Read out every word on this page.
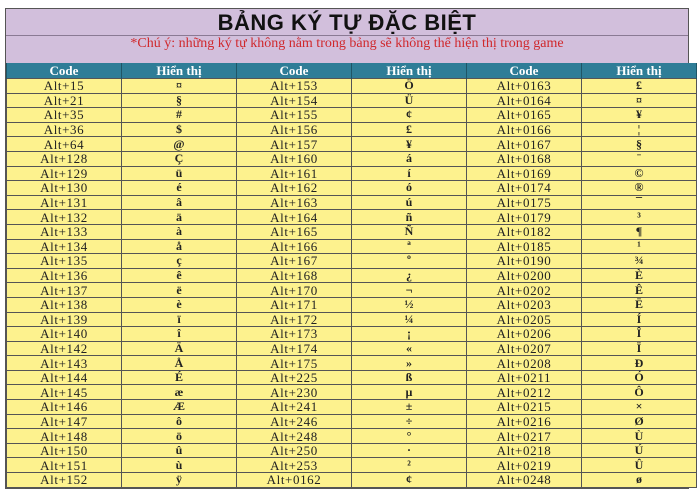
BẢNG KÝ TỰ ĐẶC BIỆT
*Chú ý: những ký tự không nằm trong bảng sẽ không thể hiện thị trong game
Code	Hiển thị	Code	Hiển thị	Code	Hiển thị
Alt+15	¤	Alt+153	Ö	Alt+0163	£
Alt+21	§	Alt+154	Ü	Alt+0164	¤
Alt+35	#	Alt+155	¢	Alt+0165	¥
Alt+36	$	Alt+156	£	Alt+0166	¦
Alt+64	@	Alt+157	¥	Alt+0167	§
Alt+128	Ç	Alt+160	á	Alt+0168	¨
Alt+129	ü	Alt+161	í	Alt+0169	©
Alt+130	é	Alt+162	ó	Alt+0174	®
Alt+131	â	Alt+163	ú	Alt+0175	¯
Alt+132	ä	Alt+164	ñ	Alt+0179	³
Alt+133	à	Alt+165	Ñ	Alt+0182	¶
Alt+134	å	Alt+166	ª	Alt+0185	¹
Alt+135	ç	Alt+167	º	Alt+0190	¾
Alt+136	ê	Alt+168	¿	Alt+0200	È
Alt+137	ë	Alt+170	¬	Alt+0202	Ê
Alt+138	è	Alt+171	½	Alt+0203	Ë
Alt+139	ï	Alt+172	¼	Alt+0205	Í
Alt+140	î	Alt+173	¡	Alt+0206	Î
Alt+142	Ä	Alt+174	«	Alt+0207	Ï
Alt+143	Å	Alt+175	»	Alt+0208	Ð
Alt+144	É	Alt+225	ß	Alt+0211	Ó
Alt+145	æ	Alt+230	µ	Alt+0212	Ô
Alt+146	Æ	Alt+241	±	Alt+0215	×
Alt+147	ô	Alt+246	÷	Alt+0216	Ø
Alt+148	ö	Alt+248	°	Alt+0217	Ù
Alt+150	û	Alt+250	·	Alt+0218	Ú
Alt+151	ù	Alt+253	²	Alt+0219	Û
Alt+152	ÿ	Alt+0162	¢	Alt+0248	ø
